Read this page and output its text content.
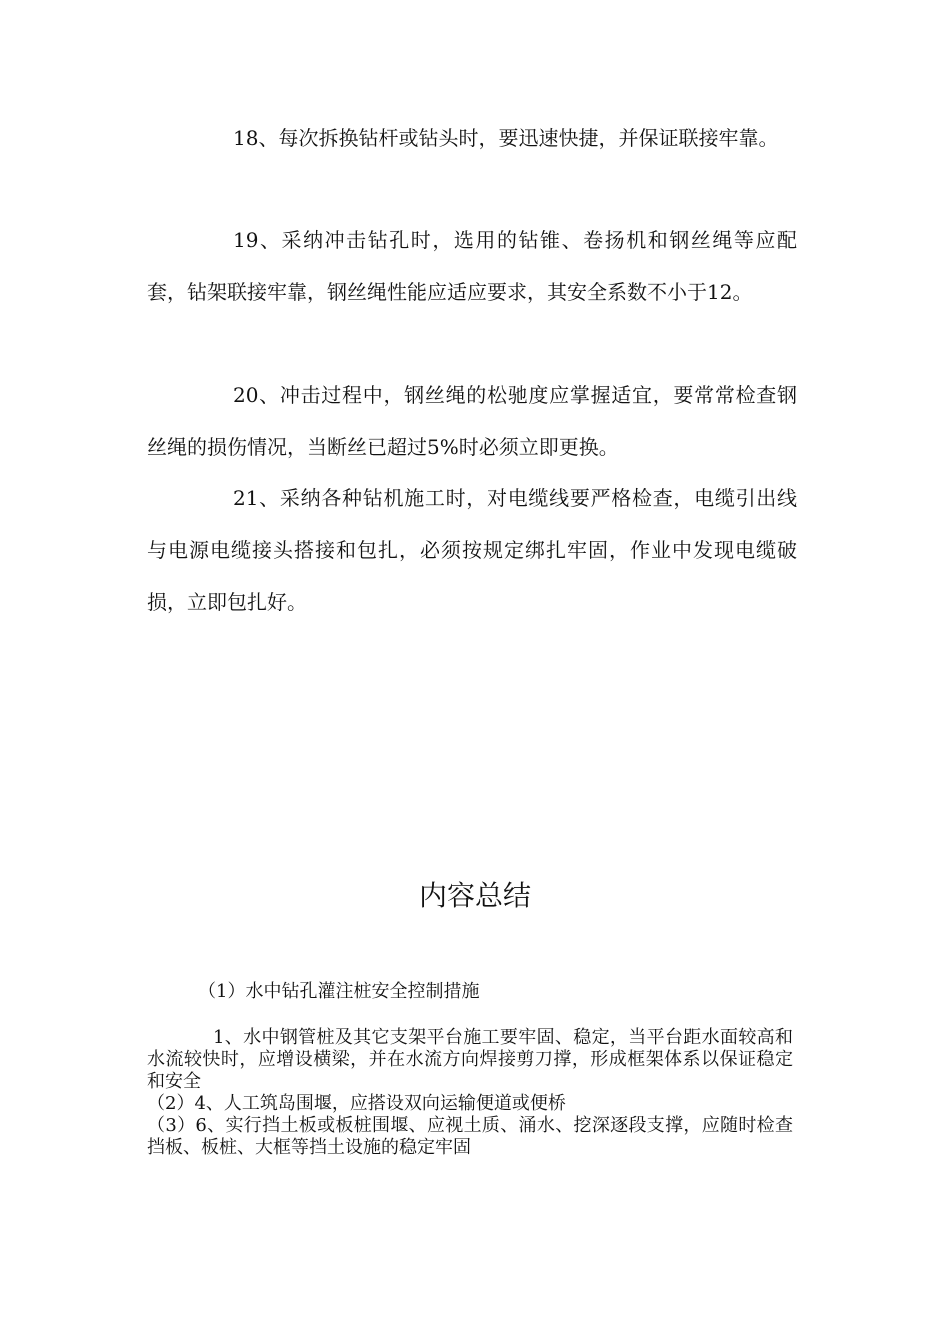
18、每次拆换钻杆或钻头时，要迅速快捷，并保证联接牢靠。

19、采纳冲击钻孔时，选用的钻锥、卷扬机和钢丝绳等应配套，钻架联接牢靠，钢丝绳性能应适应要求，其安全系数不小于12。

20、冲击过程中，钢丝绳的松驰度应掌握适宜，要常常检查钢丝绳的损伤情况，当断丝已超过5%时必须立即更换。

21、采纳各种钻机施工时，对电缆线要严格检查，电缆引出线与电源电缆接头搭接和包扎，必须按规定绑扎牢固，作业中发现电缆破损，立即包扎好。

内容总结

（1）水中钻孔灌注桩安全控制措施

1、水中钢管桩及其它支架平台施工要牢固、稳定，当平台距水面较高和水流较快时，应增设横梁，并在水流方向焊接剪刀撑，形成框架体系以保证稳定和安全

（2）4、人工筑岛围堰，应搭设双向运输便道或便桥

（3）6、实行挡土板或板桩围堰、应视土质、涌水、挖深逐段支撑，应随时检查挡板、板桩、大框等挡土设施的稳定牢固
